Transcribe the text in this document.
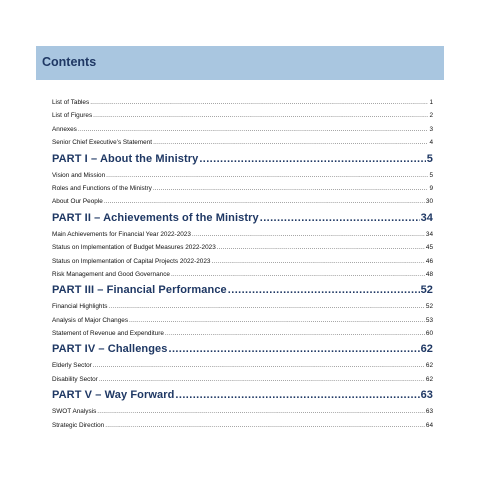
Contents
List of Tables .....	1
List of Figures .....	2
Annexes .....	3
Senior Chief Executive’s Statement .....	4
PART I – About the Ministry .....	5
Vision and Mission .....	5
Roles and Functions of the Ministry .....	9
About Our People .....	30
PART II – Achievements of the Ministry .....	34
Main Achievements for Financial Year 2022-2023 .....	34
Status on Implementation of Budget Measures 2022-2023 .....	45
Status on Implementation of Capital Projects 2022-2023 .....	46
Risk Management and Good Governance .....	48
PART III – Financial Performance .....	52
Financial Highlights .....	52
Analysis of Major Changes .....	53
Statement of Revenue and Expenditure .....	60
PART IV – Challenges .....	62
Elderly Sector .....	62
Disability Sector .....	62
PART V – Way Forward .....	63
SWOT Analysis .....	63
Strategic Direction .....	64
